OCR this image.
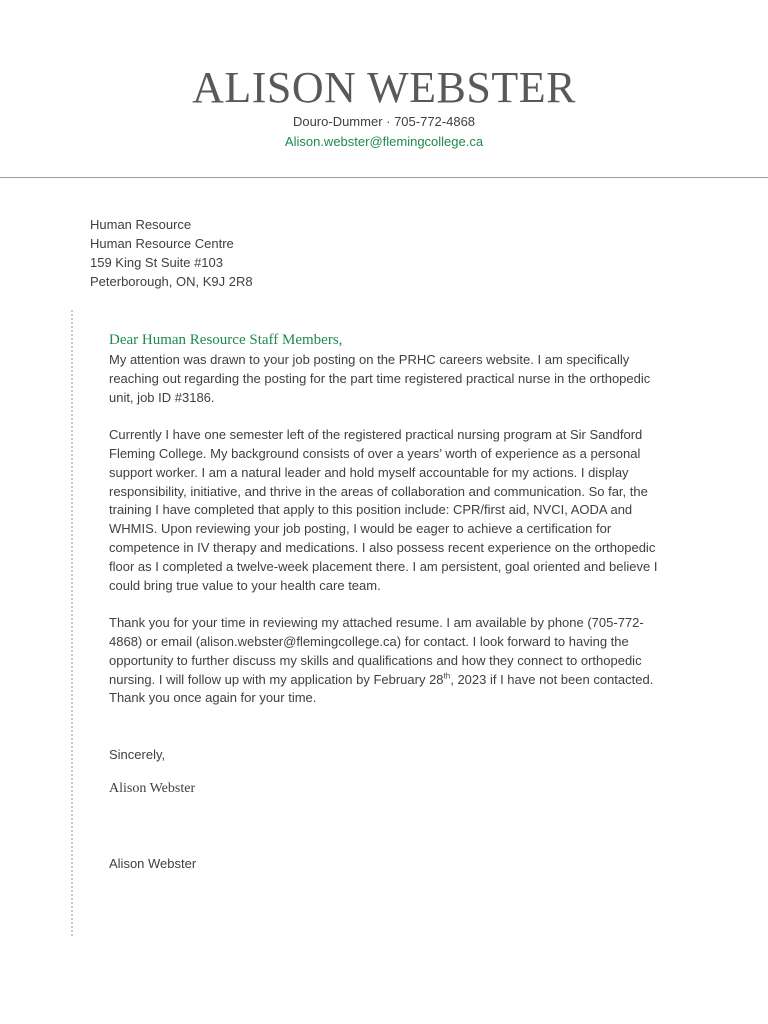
ALISON WEBSTER
Douro-Dummer · 705-772-4868
Alison.webster@flemingcollege.ca
Human Resource
Human Resource Centre
159 King St Suite #103
Peterborough, ON, K9J 2R8

Dear Human Resource Staff Members,

My attention was drawn to your job posting on the PRHC careers website. I am specifically reaching out regarding the posting for the part time registered practical nurse in the orthopedic unit, job ID #3186.

Currently I have one semester left of the registered practical nursing program at Sir Sandford Fleming College. My background consists of over a years’ worth of experience as a personal support worker. I am a natural leader and hold myself accountable for my actions. I display responsibility, initiative, and thrive in the areas of collaboration and communication. So far, the training I have completed that apply to this position include: CPR/first aid, NVCI, AODA and WHMIS. Upon reviewing your job posting, I would be eager to achieve a certification for competence in IV therapy and medications. I also possess recent experience on the orthopedic floor as I completed a twelve-week placement there. I am persistent, goal oriented and believe I could bring true value to your health care team.

Thank you for your time in reviewing my attached resume. I am available by phone (705-772-4868) or email (alison.webster@flemingcollege.ca) for contact. I look forward to having the opportunity to further discuss my skills and qualifications and how they connect to orthopedic nursing. I will follow up with my application by February 28th, 2023 if I have not been contacted. Thank you once again for your time.

Sincerely,

Alison Webster

Alison Webster
